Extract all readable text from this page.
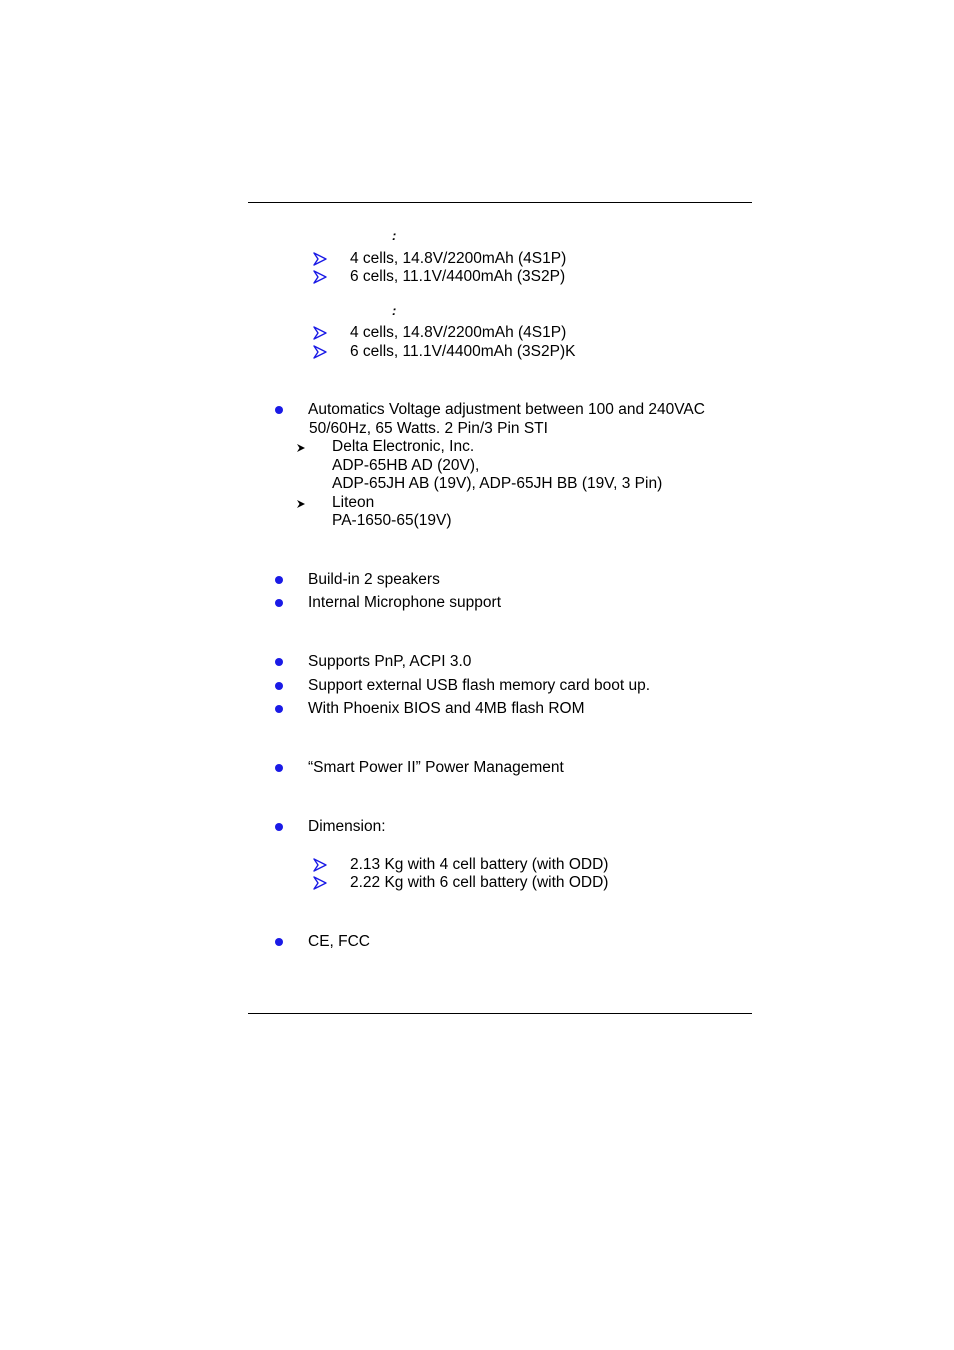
:
4 cells, 14.8V/2200mAh (4S1P)
6 cells, 11.1V/4400mAh (3S2P)
:
4 cells, 14.8V/2200mAh (4S1P)
6 cells, 11.1V/4400mAh (3S2P)K
Automatics Voltage adjustment between 100 and 240VAC
50/60Hz, 65 Watts. 2 Pin/3 Pin STI
Delta Electronic, Inc.
ADP-65HB AD (20V),
ADP-65JH AB (19V), ADP-65JH BB (19V, 3 Pin)
Liteon
PA-1650-65(19V)
Build-in 2 speakers
Internal Microphone support
Supports PnP, ACPI 3.0
Support external USB flash memory card boot up.
With Phoenix BIOS and 4MB flash ROM
“Smart Power II” Power Management
Dimension:
2.13 Kg with 4 cell battery (with ODD)
2.22 Kg with 6 cell battery (with ODD)
CE, FCC
